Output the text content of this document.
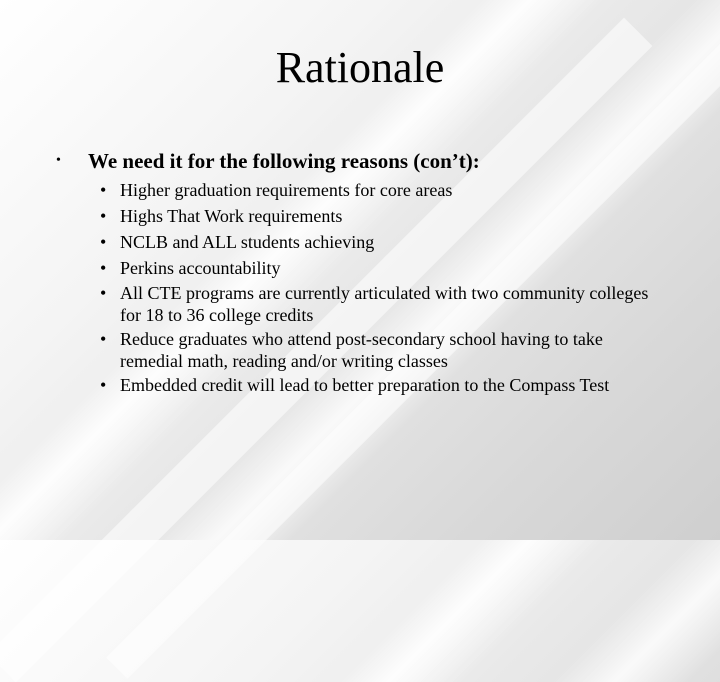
Rationale
• We need it for the following reasons (con’t):
• Higher graduation requirements for core areas
• Highs That Work requirements
• NCLB and ALL students achieving
• Perkins accountability
• All CTE programs are currently articulated with two community colleges for 18 to 36 college credits
• Reduce graduates who attend post-secondary school having to take remedial math, reading and/or writing classes
• Embedded credit will lead to better preparation to the Compass Test
